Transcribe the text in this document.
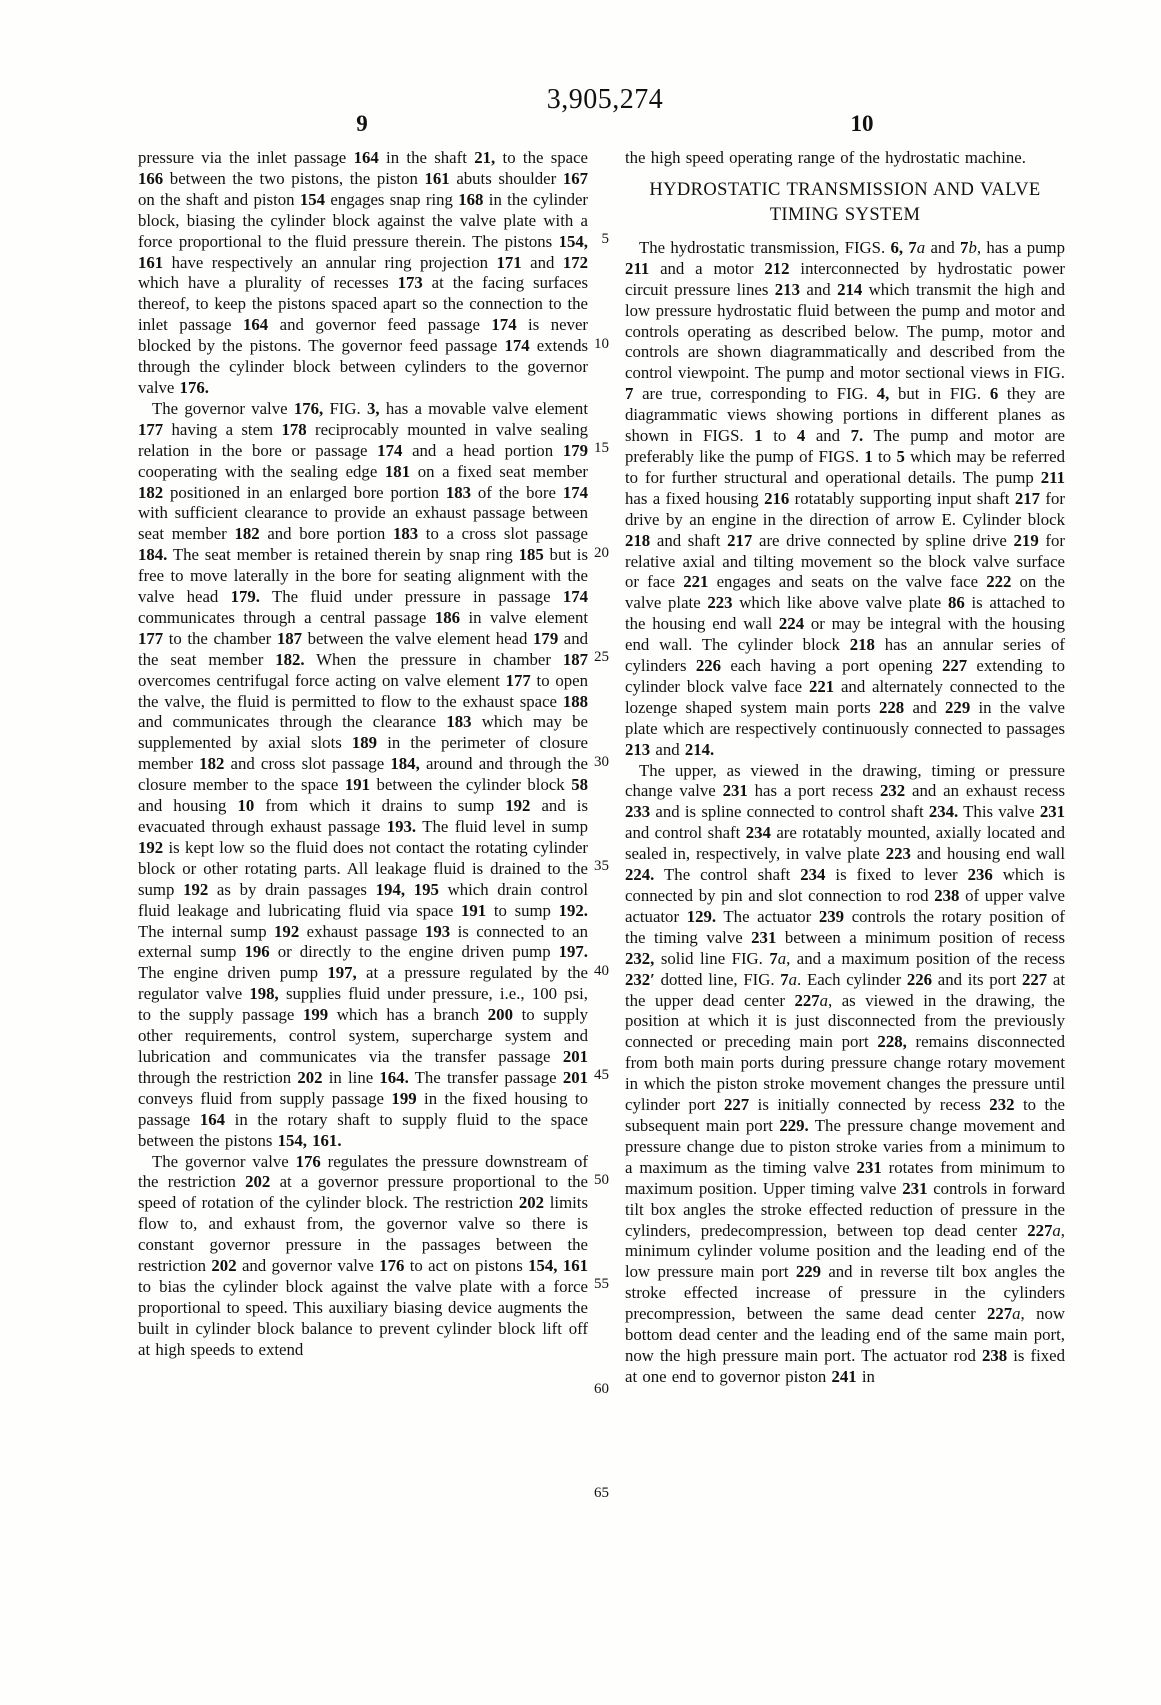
3,905,274
9	10
5
10
15
20
25
30
35
40
45
50
55
60
65

pressure via the inlet passage 164 in the shaft 21, to the space 166 between the two pistons, the piston 161 abuts shoulder 167 on the shaft and piston 154 engages snap ring 168 in the cylinder block, biasing the cylinder block against the valve plate with a force proportional to the fluid pressure therein. The pistons 154, 161 have respectively an annular ring projection 171 and 172 which have a plurality of recesses 173 at the facing surfaces thereof, to keep the pistons spaced apart so the connection to the inlet passage 164 and governor feed passage 174 is never blocked by the pistons. The governor feed passage 174 extends through the cylinder block between cylinders to the governor valve 176.

The governor valve 176, FIG. 3, has a movable valve element 177 having a stem 178 reciprocably mounted in valve sealing relation in the bore or passage 174 and a head portion 179 cooperating with the sealing edge 181 on a fixed seat member 182 positioned in an enlarged bore portion 183 of the bore 174 with sufficient clearance to provide an exhaust passage between seat member 182 and bore portion 183 to a cross slot passage 184. The seat member is retained therein by snap ring 185 but is free to move laterally in the bore for seating alignment with the valve head 179. The fluid under pressure in passage 174 communicates through a central passage 186 in valve element 177 to the chamber 187 between the valve element head 179 and the seat member 182. When the pressure in chamber 187 overcomes centrifugal force acting on valve element 177 to open the valve, the fluid is permitted to flow to the exhaust space 188 and communicates through the clearance 183 which may be supplemented by axial slots 189 in the perimeter of closure member 182 and cross slot passage 184, around and through the closure member to the space 191 between the cylinder block 58 and housing 10 from which it drains to sump 192 and is evacuated through exhaust passage 193. The fluid level in sump 192 is kept low so the fluid does not contact the rotating cylinder block or other rotating parts. All leakage fluid is drained to the sump 192 as by drain passages 194, 195 which drain control fluid leakage and lubricating fluid via space 191 to sump 192. The internal sump 192 exhaust passage 193 is connected to an external sump 196 or directly to the engine driven pump 197. The engine driven pump 197, at a pressure regulated by the regulator valve 198, supplies fluid under pressure, i.e., 100 psi, to the supply passage 199 which has a branch 200 to supply other requirements, control system, supercharge system and lubrication and communicates via the transfer passage 201 through the restriction 202 in line 164. The transfer passage 201 conveys fluid from supply passage 199 in the fixed housing to passage 164 in the rotary shaft to supply fluid to the space between the pistons 154, 161.

The governor valve 176 regulates the pressure downstream of the restriction 202 at a governor pressure proportional to the speed of rotation of the cylinder block. The restriction 202 limits flow to, and exhaust from, the governor valve so there is constant governor pressure in the passages between the restriction 202 and governor valve 176 to act on pistons 154, 161 to bias the cylinder block against the valve plate with a force proportional to speed. This auxiliary biasing device augments the built in cylinder block balance to prevent cylinder block lift off at high speeds to extend

the high speed operating range of the hydrostatic machine.

HYDROSTATIC TRANSMISSION AND VALVE TIMING SYSTEM

The hydrostatic transmission, FIGS. 6, 7a and 7b, has a pump 211 and a motor 212 interconnected by hydrostatic power circuit pressure lines 213 and 214 which transmit the high and low pressure hydrostatic fluid between the pump and motor and controls operating as described below. The pump, motor and controls are shown diagrammatically and described from the control viewpoint. The pump and motor sectional views in FIG. 7 are true, corresponding to FIG. 4, but in FIG. 6 they are diagrammatic views showing portions in different planes as shown in FIGS. 1 to 4 and 7. The pump and motor are preferably like the pump of FIGS. 1 to 5 which may be referred to for further structural and operational details. The pump 211 has a fixed housing 216 rotatably supporting input shaft 217 for drive by an engine in the direction of arrow E. Cylinder block 218 and shaft 217 are drive connected by spline drive 219 for relative axial and tilting movement so the block valve surface or face 221 engages and seats on the valve face 222 on the valve plate 223 which like above valve plate 86 is attached to the housing end wall 224 or may be integral with the housing end wall. The cylinder block 218 has an annular series of cylinders 226 each having a port opening 227 extending to cylinder block valve face 221 and alternately connected to the lozenge shaped system main ports 228 and 229 in the valve plate which are respectively continuously connected to passages 213 and 214.

The upper, as viewed in the drawing, timing or pressure change valve 231 has a port recess 232 and an exhaust recess 233 and is spline connected to control shaft 234. This valve 231 and control shaft 234 are rotatably mounted, axially located and sealed in, respectively, in valve plate 223 and housing end wall 224. The control shaft 234 is fixed to lever 236 which is connected by pin and slot connection to rod 238 of upper valve actuator 129. The actuator 239 controls the rotary position of the timing valve 231 between a minimum position of recess 232, solid line FIG. 7a, and a maximum position of the recess 232′ dotted line, FIG. 7a. Each cylinder 226 and its port 227 at the upper dead center 227a, as viewed in the drawing, the position at which it is just disconnected from the previously connected or preceding main port 228, remains disconnected from both main ports during pressure change rotary movement in which the piston stroke movement changes the pressure until cylinder port 227 is initially connected by recess 232 to the subsequent main port 229. The pressure change movement and pressure change due to piston stroke varies from a minimum to a maximum as the timing valve 231 rotates from minimum to maximum position. Upper timing valve 231 controls in forward tilt box angles the stroke effected reduction of pressure in the cylinders, predecompression, between top dead center 227a, minimum cylinder volume position and the leading end of the low pressure main port 229 and in reverse tilt box angles the stroke effected increase of pressure in the cylinders precompression, between the same dead center 227a, now bottom dead center and the leading end of the same main port, now the high pressure main port. The actuator rod 238 is fixed at one end to governor piston 241 in
